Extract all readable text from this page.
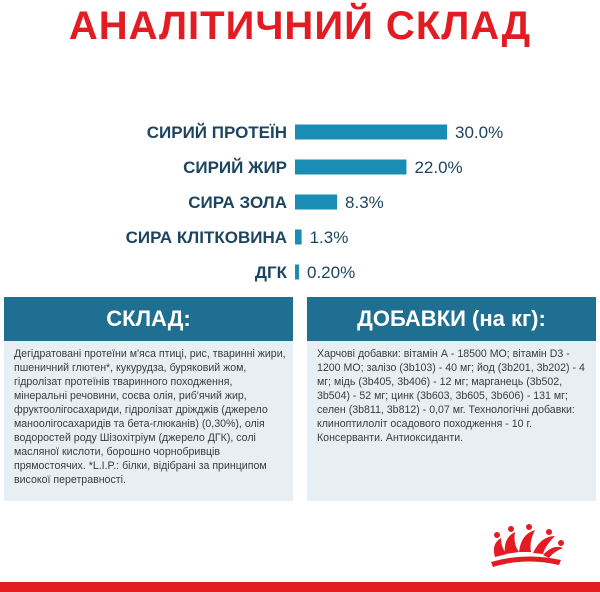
АНАЛІТИЧНИЙ СКЛАД
СИРИЙ ПРОТЕЇН	30.0%
СИРИЙ ЖИР	22.0%
СИРА ЗОЛА	8.3%
СИРА КЛІТКОВИНА 1.3%
ДГК 0.20%
СКЛАД:
Дегідратовані протеїни м'яса птиці, рис, тваринні жири, пшеничний глютен*, кукурудза, буряковий жом, гідролізат протеїнів тваринного походження, мінеральні речовини, соєва олія, риб'ячий жир, фруктоолігосахариди, гідролізат дріжджів (джерело маноолігосахаридів та бета-глюканів) (0,30%), олія водоростей роду Шізохітріум (джерело ДГК), солі масляної кислоти, борошно чорнобривців прямостоячих. *L.I.P.: білки, відібрані за принципом високої перетравності.
ДОБАВКИ (на кг):
Харчові добавки: вітамін А - 18500 МО; вітамін D3 - 1200 МО; залізо (3b103) - 40 мг; йод (3b201, 3b202) - 4 мг; мідь (3b405, 3b406) - 12 мг; марганець (3b502, 3b504) - 52 мг; цинк (3b603, 3b605, 3b606) - 131 мг; селен (3b811, 3b812) - 0,07 мг. Технологічні добавки: клиноптилоліт осадового походження - 10 г. Консерванти. Антиоксиданти.
